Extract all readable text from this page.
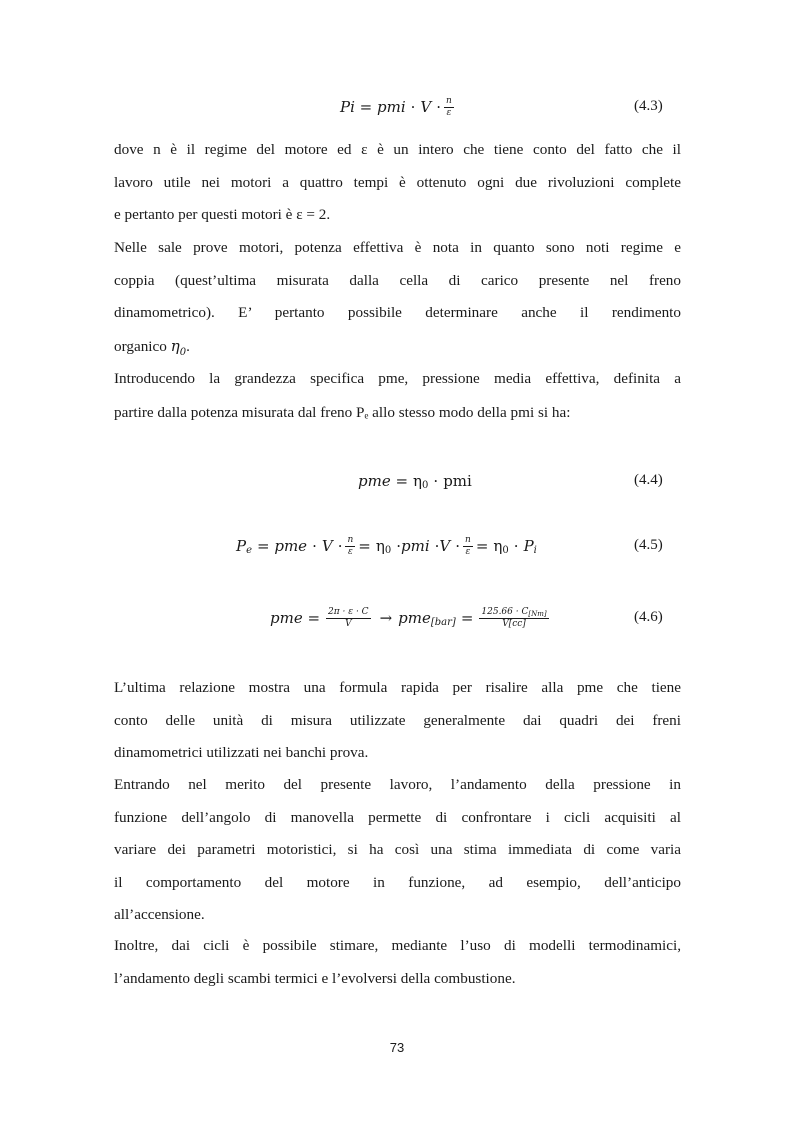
Pi = pmi · $V \cdot \frac{n}{\varepsilon}$	(4.3)
dove n è il regime del motore ed ε è un intero che tiene conto del fatto che il
lavoro utile nei motori a quattro tempi è ottenuto ogni due rivoluzioni complete
e pertanto per questi motori è ε = 2.
Nelle sale prove motori, potenza effettiva è nota in quanto sono noti regime e
coppia (quest’ultima misurata dalla cella di carico presente nel freno
dinamometrico). E’ pertanto possibile determinare anche il rendimento
organico $\eta_0$.
Introducendo la grandezza specifica pme, pressione media effettiva, definita a
partire dalla potenza misurata dal freno Pₑ allo stesso modo della pmi si ha:
pme = η 0 · pmi	(4.4)
P e = pme · $V \cdot \frac{n}{\varepsilon} = \eta$ 0 · pmi · $V \cdot \frac{n}{\varepsilon} = \eta$ 0 · P i	(4.5)
pme = $\frac{2\pi \cdot \varepsilon \cdot C}{V}$ → pme $[bar] = \frac{125.66 \cdot C_{[Nm]}}{V[cc]}$	(4.6)
L’ultima relazione mostra una formula rapida per risalire alla pme che tiene
conto delle unità di misura utilizzate generalmente dai quadri dei freni
dinamometrici utilizzati nei banchi prova.
Entrando nel merito del presente lavoro, l’andamento della pressione in
funzione dell’angolo di manovella permette di confrontare i cicli acquisiti al
variare dei parametri motoristici, si ha così una stima immediata di come varia
il comportamento del motore in funzione, ad esempio, dell’anticipo
all’accensione.
Inoltre, dai cicli è possibile stimare, mediante l’uso di modelli termodinamici,
l’andamento degli scambi termici e l’evolversi della combustione.
73
